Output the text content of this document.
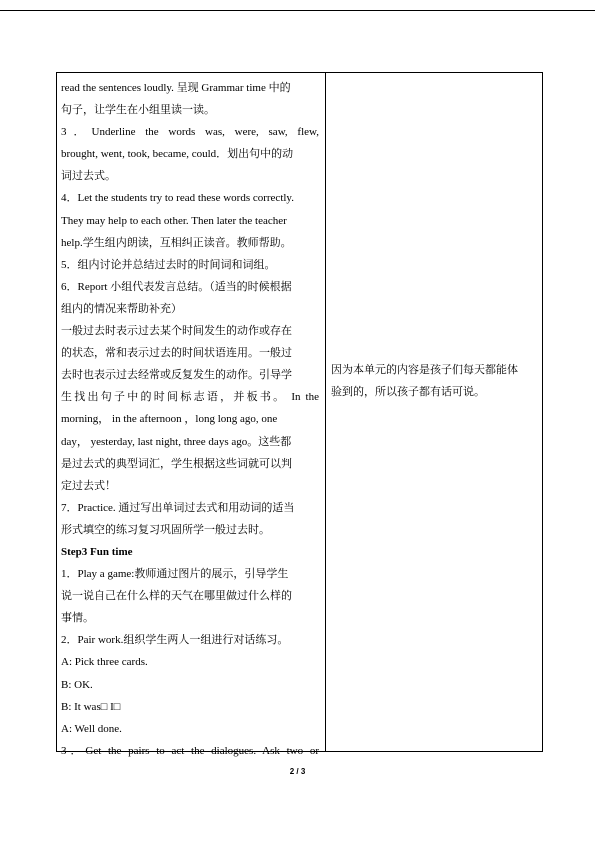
read the sentences loudly. 呈现 Grammar time 中的

句子，让学生在小组里读一读。

3．Underline the words was, were, saw, flew,

brought, went, took, became, could．划出句中的动

词过去式。

4．Let the students try to read these words correctly.

They may help to each other. Then later the teacher

help.学生组内朗读，互相纠正读音。教师帮助。

5．组内讨论并总结过去时的时间词和词组。

6．Report 小组代表发言总结。（适当的时候根据

组内的情况来帮助补充）

一般过去时表示过去某个时间发生的动作或存在

的状态，常和表示过去的时间状语连用。一般过

去时也表示过去经常或反复发生的动作。引导学

生找出句子中的时间标志语，并板书。 In the

morning， in the afternoon ，long long ago, one

day， yesterday, last night, three days ago。这些都

是过去式的典型词汇，学生根据这些词就可以判

定过去式！

7．Practice. 通过写出单词过去式和用动词的适当

形式填空的练习复习巩固所学一般过去时。

Step3 Fun time

1．Play a game:教师通过图片的展示，引导学生

说一说自己在什么样的天气在哪里做过什么样的

事情。

2．Pair work.组织学生两人一组进行对话练习。

A: Pick three cards.

B: OK.

B: It was□ I□

A: Well done.

3．Get the pairs to act the dialogues. Ask two or

因为本单元的内容是孩子们每天都能体

验到的，所以孩子都有话可说。

2 / 3
